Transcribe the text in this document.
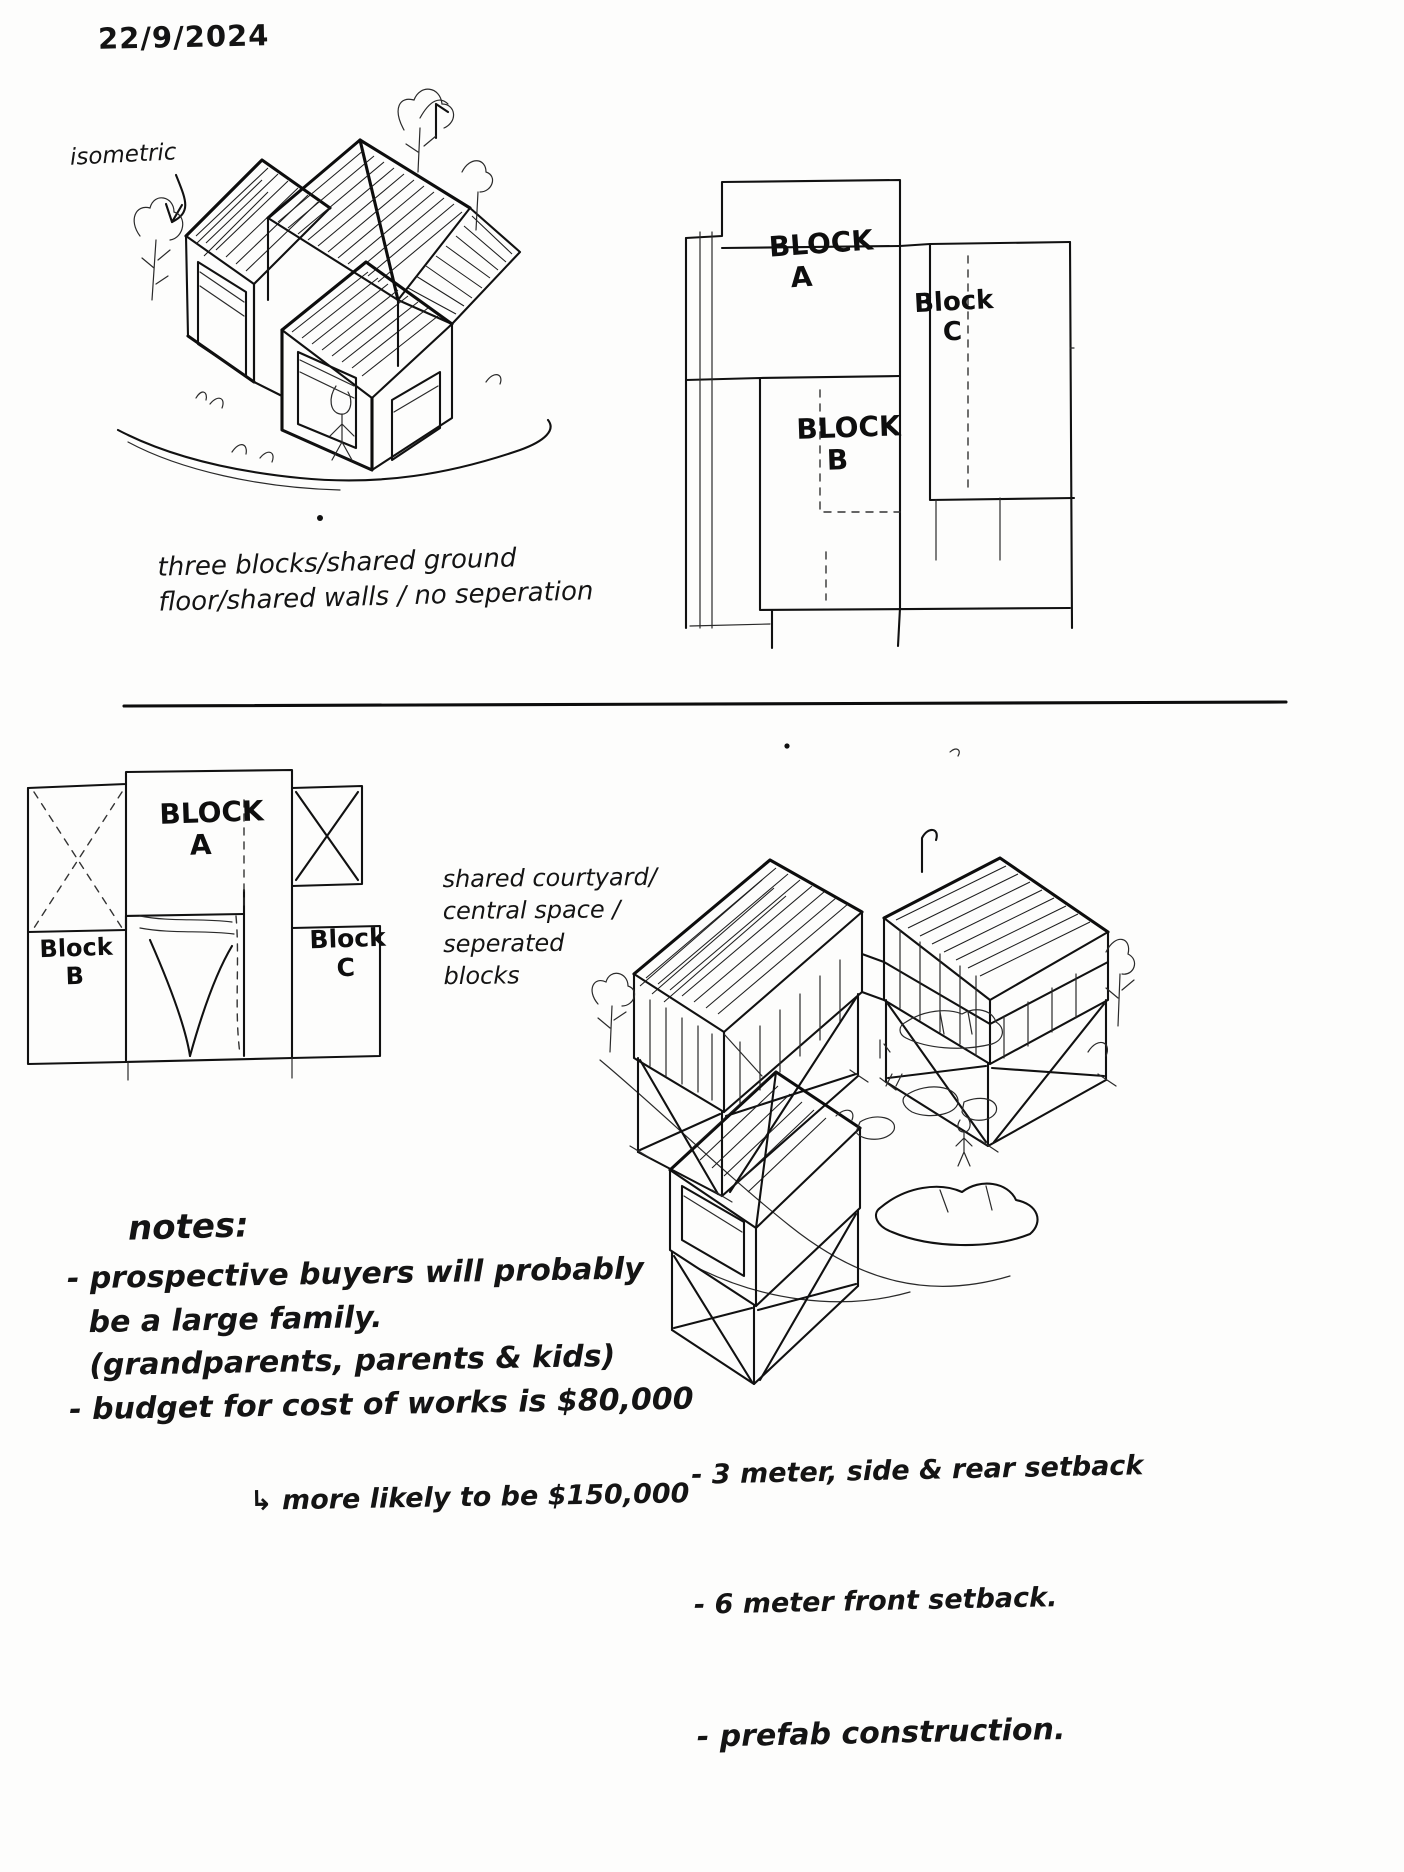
22/9/2024
isometric
three blocks/shared ground
floor/shared walls / no seperation
shared courtyard/
central space /
seperated
blocks
BLOCK
A
Block
C
BLOCK
B
BLOCK
A
Block
B
Block
C
notes:
- prospective buyers will probably
be a large family.
(grandparents, parents & kids)
- budget for cost of works is $80,000
↳ more likely to be $150,000

- 3 meter, side & rear setback

- 6 meter front setback.

- prefab construction.
